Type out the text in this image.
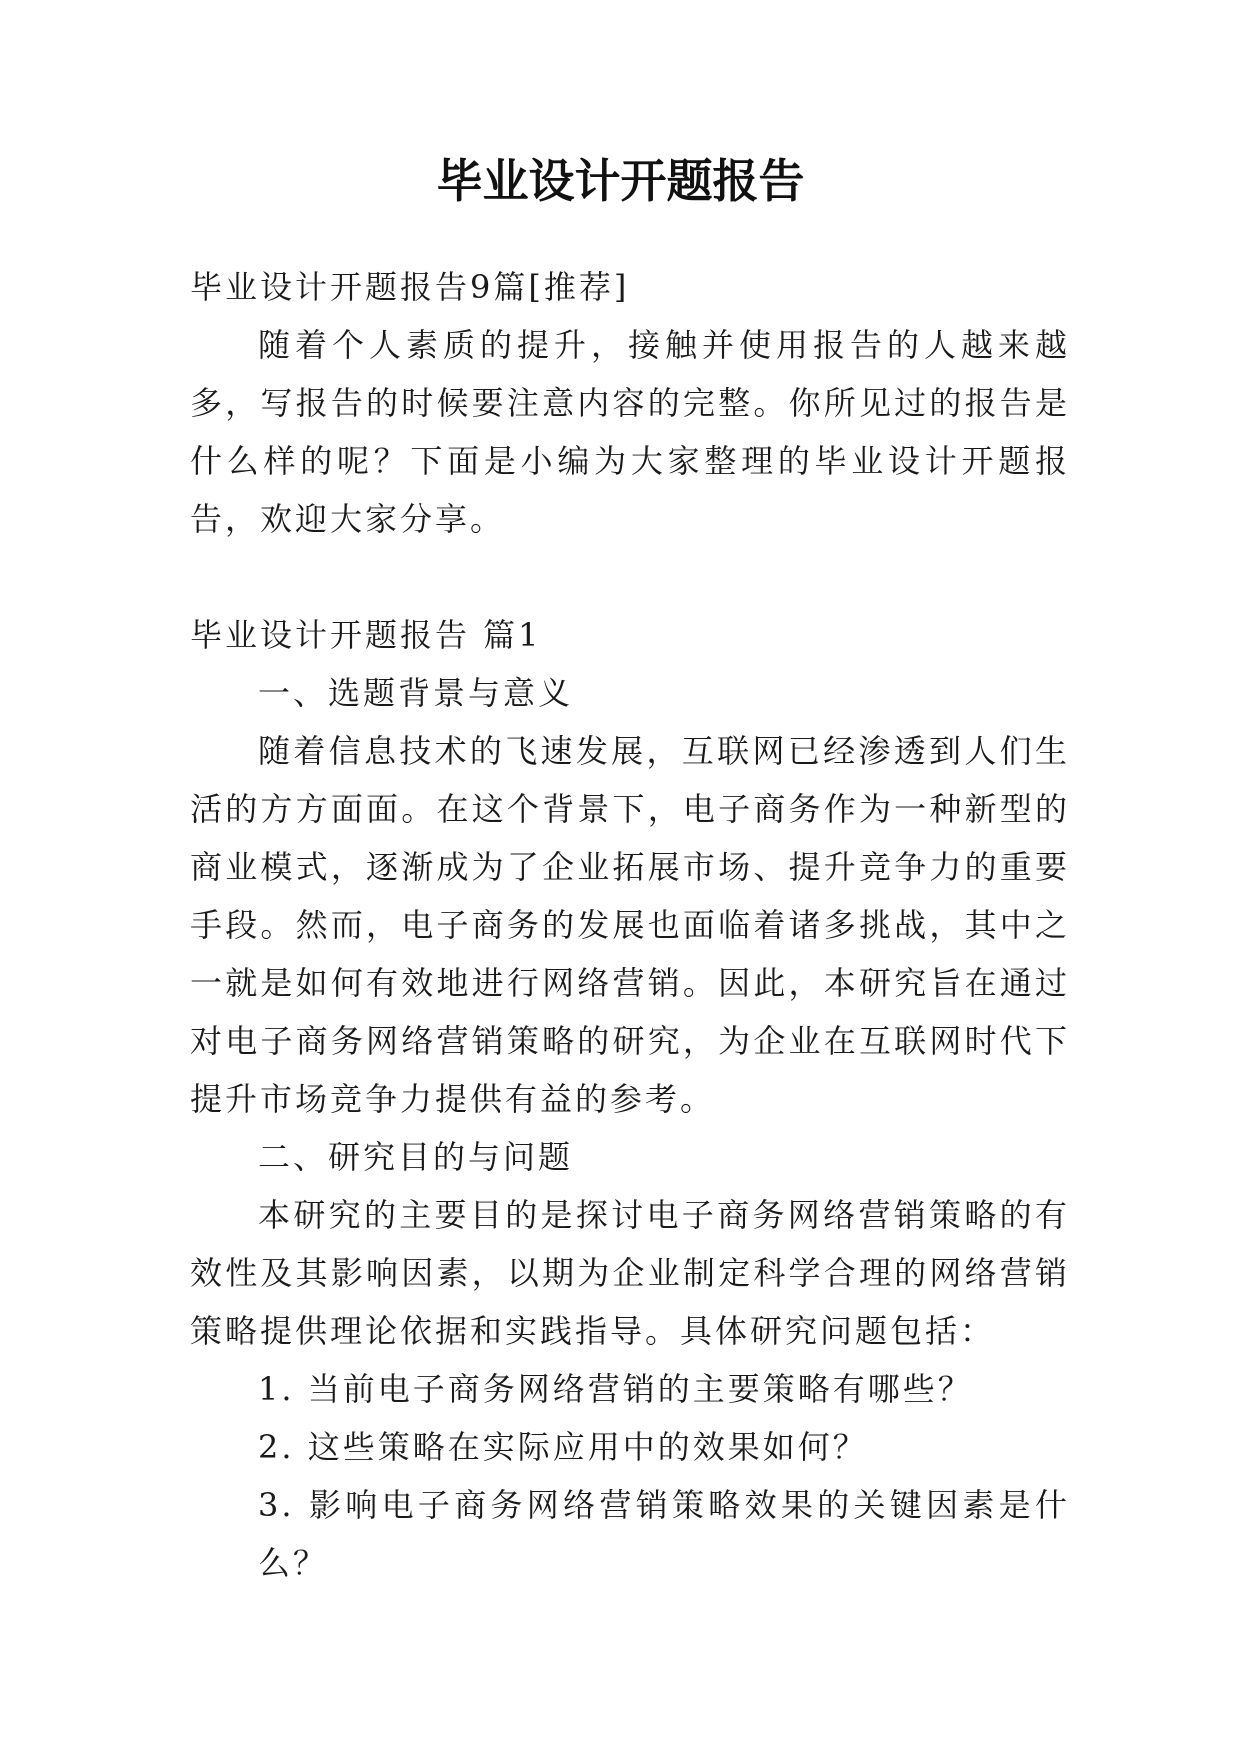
毕业设计开题报告

毕业设计开题报告9篇[推荐]

随着个人素质的提升，接触并使用报告的人越来越多，写报告的时候要注意内容的完整。你所见过的报告是什么样的呢？下面是小编为大家整理的毕业设计开题报告，欢迎大家分享。

毕业设计开题报告 篇1

一、选题背景与意义

随着信息技术的飞速发展，互联网已经渗透到人们生活的方方面面。在这个背景下，电子商务作为一种新型的商业模式，逐渐成为了企业拓展市场、提升竞争力的重要手段。然而，电子商务的发展也面临着诸多挑战，其中之一就是如何有效地进行网络营销。因此，本研究旨在通过对电子商务网络营销策略的研究，为企业在互联网时代下提升市场竞争力提供有益的参考。

二、研究目的与问题

本研究的主要目的是探讨电子商务网络营销策略的有效性及其影响因素，以期为企业制定科学合理的网络营销策略提供理论依据和实践指导。具体研究问题包括：

1. 当前电子商务网络营销的主要策略有哪些？

2. 这些策略在实际应用中的效果如何？

3. 影响电子商务网络营销策略效果的关键因素是什么？
